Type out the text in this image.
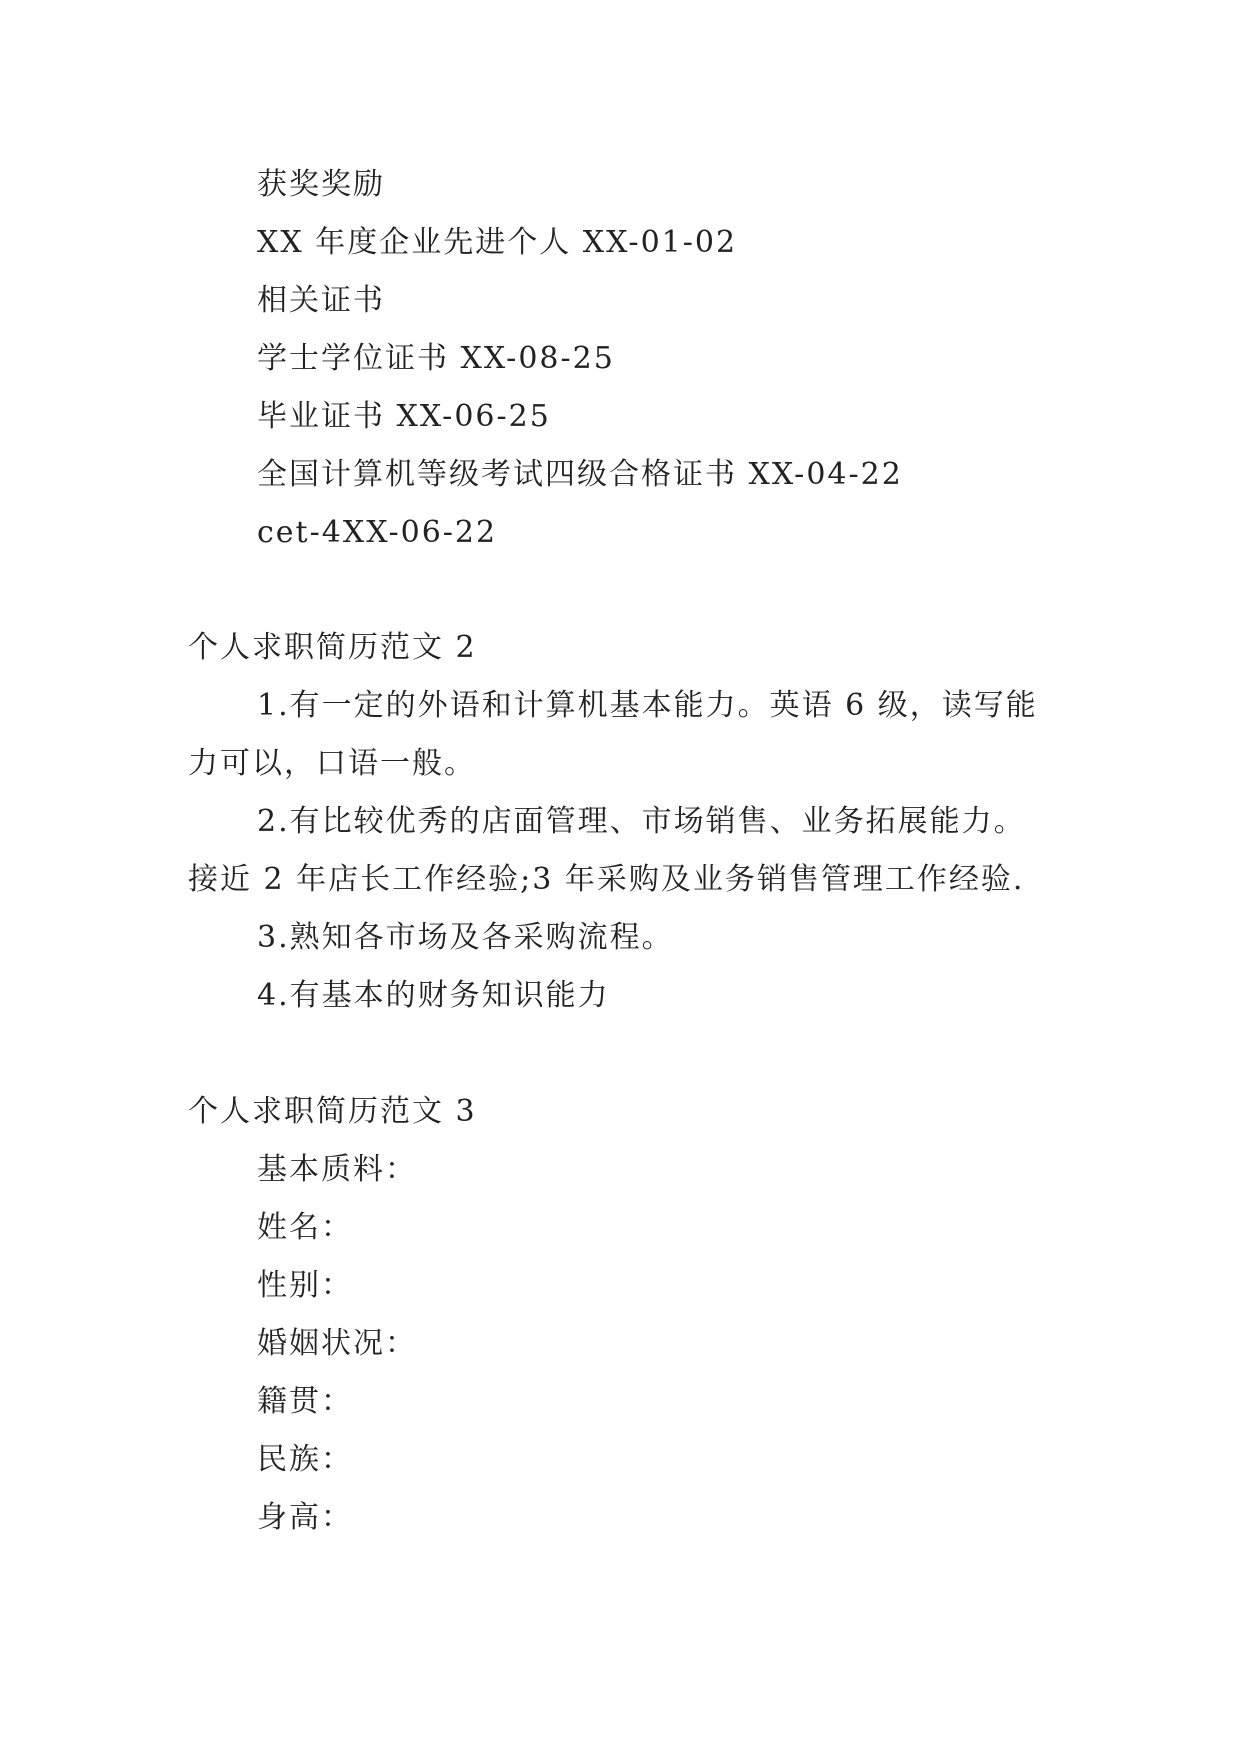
获奖奖励
XX 年度企业先进个人 XX-01-02
相关证书
学士学位证书 XX-08-25
毕业证书 XX-06-25
全国计算机等级考试四级合格证书 XX-04-22
cet-4XX-06-22
个人求职简历范文 2
1.有一定的外语和计算机基本能力。英语 6 级，读写能
力可以，口语一般。
2.有比较优秀的店面管理、市场销售、业务拓展能力。
接近 2 年店长工作经验;3 年采购及业务销售管理工作经验.
3.熟知各市场及各采购流程。
4.有基本的财务知识能力
个人求职简历范文 3
基本质料：
姓名：
性别：
婚姻状况：
籍贯：
民族：
身高：
